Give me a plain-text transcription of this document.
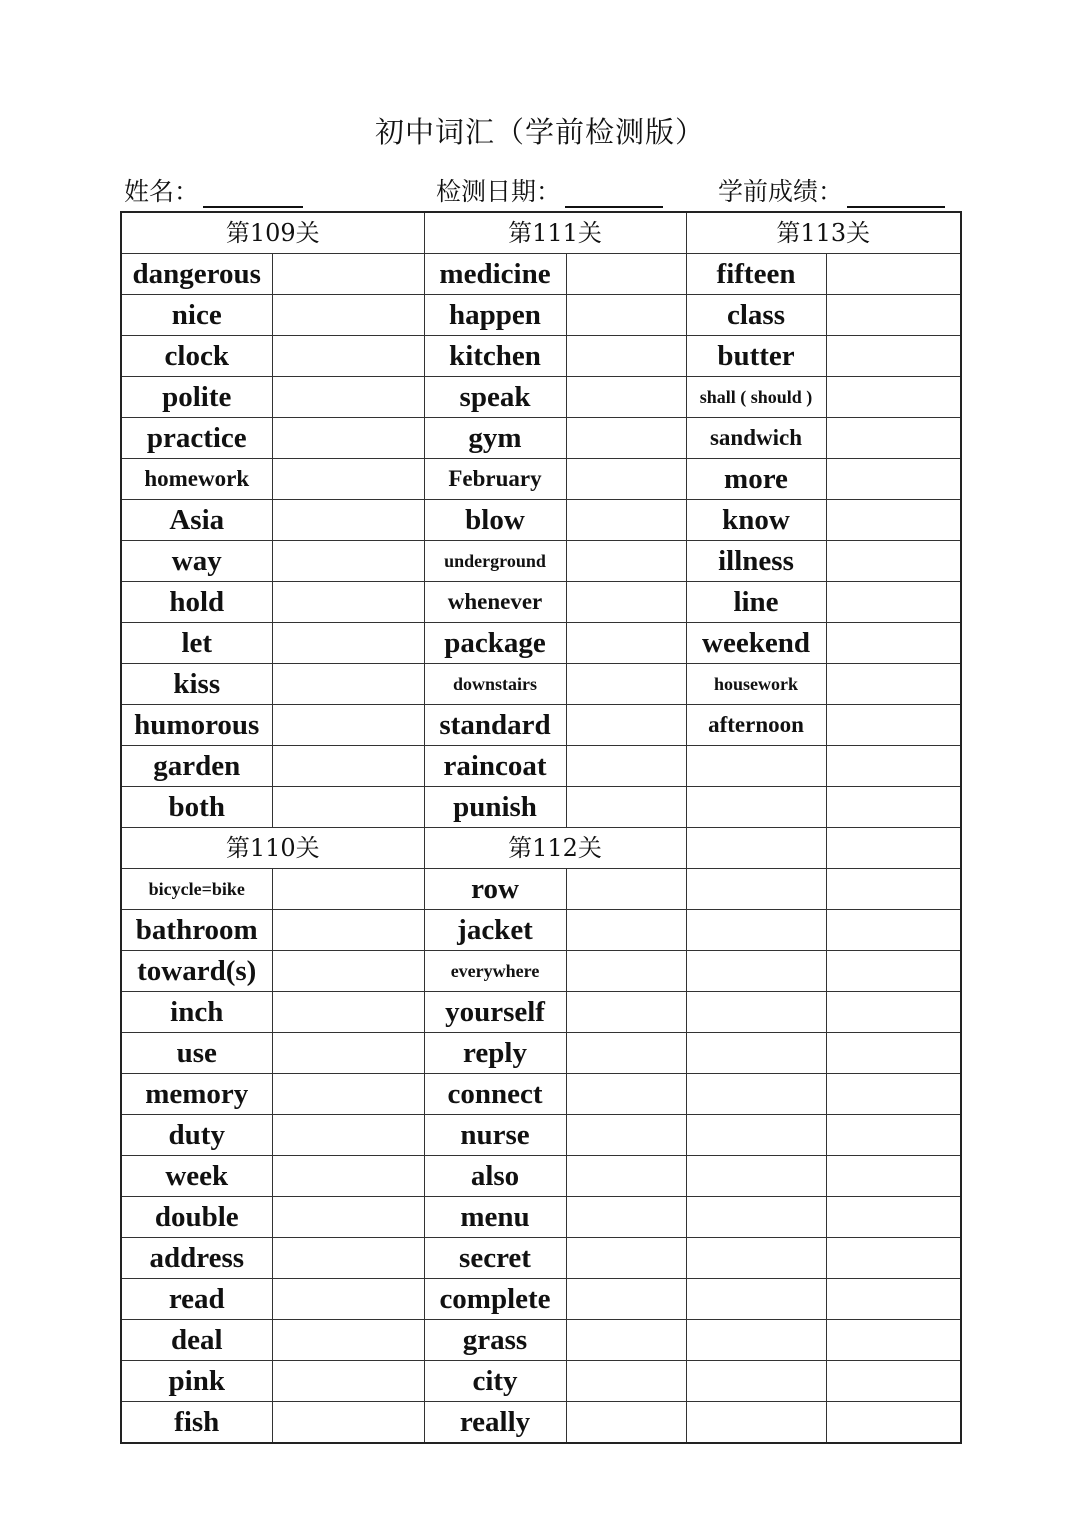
初中词汇（学前检测版）
姓名：	检测日期：	学前成绩：
第109关		第111关		第113关	
dangerous		medicine		fifteen	
nice		happen		class	
clock		kitchen		butter	
polite		speak		shall ( should )	
practice		gym		sandwich	
homework		February		more	
Asia		blow		know	
way		underground		illness	
hold		whenever		line	
let		package		weekend	
kiss		downstairs		housework	
humorous		standard		afternoon	
garden		raincoat			
both		punish			
第110关		第112关			
bicycle=bike		row			
bathroom		jacket			
toward(s)		everywhere			
inch		yourself			
use		reply			
memory		connect			
duty		nurse			
week		also			
double		menu			
address		secret			
read		complete			
deal		grass			
pink		city			
fish		really			
